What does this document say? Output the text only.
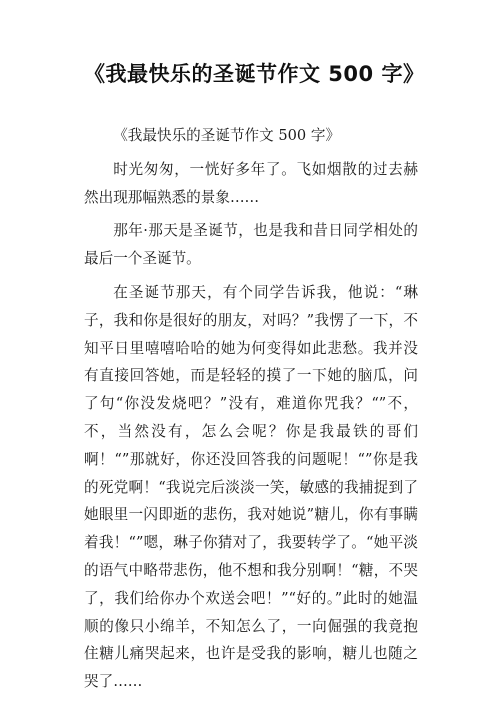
《我最快乐的圣诞节作文 500 字》

《我最快乐的圣诞节作文 500 字》

时光匆匆，一恍好多年了。飞如烟散的过去赫然出现那幅熟悉的景象……

那年·那天是圣诞节，也是我和昔日同学相处的最后一个圣诞节。

在圣诞节那天，有个同学告诉我，他说：“琳子，我和你是很好的朋友，对吗？”我愣了一下，不知平日里嘻嘻哈哈的她为何变得如此悲愁。我并没有直接回答她，而是轻轻的摸了一下她的脑瓜，问了句“你没发烧吧？”没有，难道你咒我？“”不，不，当然没有，怎么会呢？你是我最铁的哥们啊！“”那就好，你还没回答我的问题呢！“”你是我的死党啊！“我说完后淡淡一笑，敏感的我捕捉到了她眼里一闪即逝的悲伤，我对她说”糖儿，你有事瞒着我！“”嗯，琳子你猜对了，我要转学了。“她平淡的语气中略带悲伤，他不想和我分别啊！“糖，不哭了，我们给你办个欢送会吧！”“好的。”此时的她温顺的像只小绵羊，不知怎么了，一向倔强的我竟抱住糖儿痛哭起来，也许是受我的影响，糖儿也随之哭了……
